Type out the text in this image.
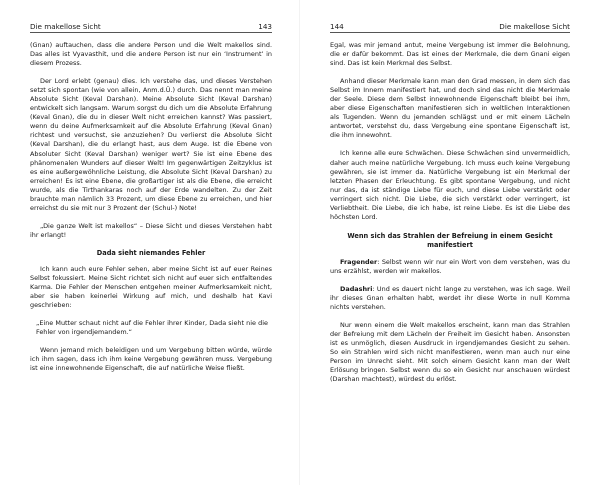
Die makellose Sicht	143

(Gnan) auftauchen, dass die andere Person und die Welt makellos sind. Das alles ist Vyavasthit, und die andere Person ist nur ein ‘Instrument’ in diesem Prozess.

Der Lord erlebt (genau) dies. Ich verstehe das, und dieses Verstehen setzt sich spontan (wie von allein, Anm.d.Ü.) durch. Das nennt man meine Absolute Sicht (Keval Darshan). Meine Absolute Sicht (Keval Darshan) entwickelt sich langsam. Warum sorgst du dich um die Absolute Erfahrung (Keval Gnan), die du in dieser Welt nicht erreichen kannst? Was passiert, wenn du deine Aufmerksamkeit auf die Absolute Erfahrung (Keval Gnan) richtest und versuchst, sie anzuziehen? Du verlierst die Absolute Sicht (Keval Darshan), die du erlangt hast, aus dem Auge. Ist die Ebene von Absoluter Sicht (Keval Darshan) weniger wert? Sie ist eine Ebene des phänomenalen Wunders auf dieser Welt! Im gegenwärtigen Zeitzyklus ist es eine außergewöhnliche Leistung, die Absolute Sicht (Keval Darshan) zu erreichen! Es ist eine Ebene, die großartiger ist als die Ebene, die erreicht wurde, als die Tirthankaras noch auf der Erde wandelten. Zu der Zeit brauchte man nämlich 33 Prozent, um diese Ebene zu erreichen, und hier erreichst du sie mit nur 3 Prozent der (Schul-) Note!

„Die ganze Welt ist makellos“ – Diese Sicht und dieses Verstehen habt ihr erlangt!

Dada sieht niemandes Fehler

Ich kann auch eure Fehler sehen, aber meine Sicht ist auf euer Reines Selbst fokussiert. Meine Sicht richtet sich nicht auf euer sich entfaltendes Karma. Die Fehler der Menschen entgehen meiner Aufmerksamkeit nicht, aber sie haben keinerlei Wirkung auf mich, und deshalb hat Kavi geschrieben:

„Eine Mutter schaut nicht auf die Fehler ihrer Kinder, Dada sieht nie die Fehler von irgendjemandem.“

Wenn jemand mich beleidigen und um Vergebung bitten würde, würde ich ihm sagen, dass ich ihm keine Vergebung gewähren muss. Vergebung ist eine innewohnende Eigenschaft, die auf natürliche Weise fließt.

144	Die makellose Sicht

Egal, was mir jemand antut, meine Vergebung ist immer die Belohnung, die er dafür bekommt. Das ist eines der Merkmale, die dem Gnani eigen sind. Das ist kein Merkmal des Selbst.

Anhand dieser Merkmale kann man den Grad messen, in dem sich das Selbst im Innern manifestiert hat, und doch sind das nicht die Merkmale der Seele. Diese dem Selbst innewohnende Eigenschaft bleibt bei ihm, aber diese Eigenschaften manifestieren sich in weltlichen Interaktionen als Tugenden. Wenn du jemanden schlägst und er mit einem Lächeln antwortet, verstehst du, dass Vergebung eine spontane Eigenschaft ist, die ihm innewohnt.

Ich kenne alle eure Schwächen. Diese Schwächen sind unvermeidlich, daher auch meine natürliche Vergebung. Ich muss euch keine Vergebung gewähren, sie ist immer da. Natürliche Vergebung ist ein Merkmal der letzten Phasen der Erleuchtung. Es gibt spontane Vergebung, und nicht nur das, da ist ständige Liebe für euch, und diese Liebe verstärkt oder verringert sich nicht. Die Liebe, die sich verstärkt oder verringert, ist Verliebtheit. Die Liebe, die ich habe, ist reine Liebe. Es ist die Liebe des höchsten Lord.

Wenn sich das Strahlen der Befreiung in einem Gesicht manifestiert

Fragender: Selbst wenn wir nur ein Wort von dem verstehen, was du uns erzählst, werden wir makellos.

Dadashri: Und es dauert nicht lange zu verstehen, was ich sage. Weil ihr dieses Gnan erhalten habt, werdet ihr diese Worte in null Komma nichts verstehen.

Nur wenn einem die Welt makellos erscheint, kann man das Strahlen der Befreiung mit dem Lächeln der Freiheit im Gesicht haben. Ansonsten ist es unmöglich, diesen Ausdruck in irgendjemandes Gesicht zu sehen. So ein Strahlen wird sich nicht manifestieren, wenn man auch nur eine Person im Unrecht sieht. Mit solch einem Gesicht kann man der Welt Erlösung bringen. Selbst wenn du so ein Gesicht nur anschauen würdest (Darshan machtest), würdest du erlöst.
